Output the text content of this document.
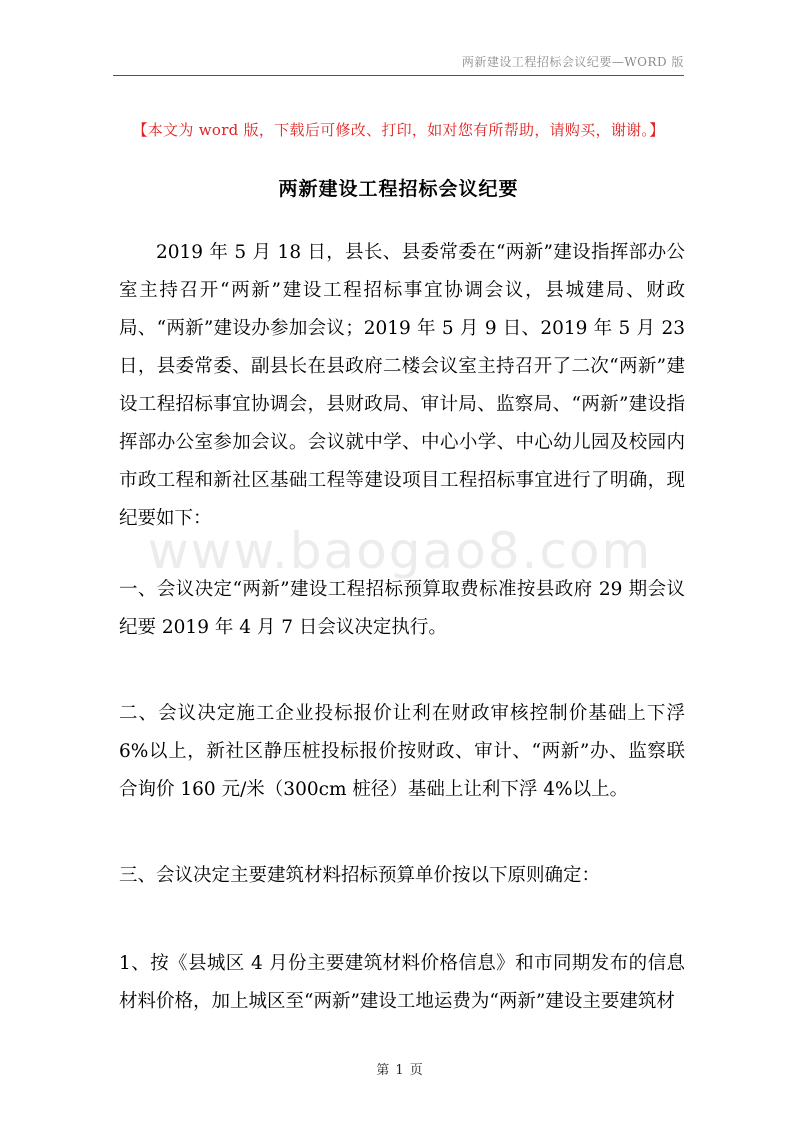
两新建设工程招标会议纪要—WORD 版
【本文为 word 版，下载后可修改、打印，如对您有所帮助，请购买，谢谢。】
两新建设工程招标会议纪要
www.baogao8.com

2019 年 5 月 18 日，县长、县委常委在“两新”建设指挥部办公室主持召开“两新”建设工程招标事宜协调会议，县城建局、财政局、“两新”建设办参加会议；2019 年 5 月 9 日、2019 年 5 月 23 日，县委常委、副县长在县政府二楼会议室主持召开了二次“两新”建设工程招标事宜协调会，县财政局、审计局、监察局、“两新”建设指挥部办公室参加会议。会议就中学、中心小学、中心幼儿园及校园内市政工程和新社区基础工程等建设项目工程招标事宜进行了明确，现纪要如下：

一、会议决定“两新”建设工程招标预算取费标准按县政府 29 期会议纪要 2019 年 4 月 7 日会议决定执行。

二、会议决定施工企业投标报价让利在财政审核控制价基础上下浮 6%以上，新社区静压桩投标报价按财政、审计、“两新”办、监察联合询价 160 元/米（300cm 桩径）基础上让利下浮 4%以上。

三、会议决定主要建筑材料招标预算单价按以下原则确定：

1、按《县城区 4 月份主要建筑材料价格信息》和市同期发布的信息材料价格，加上城区至“两新”建设工地运费为“两新”建设主要建筑材

第 1 页
